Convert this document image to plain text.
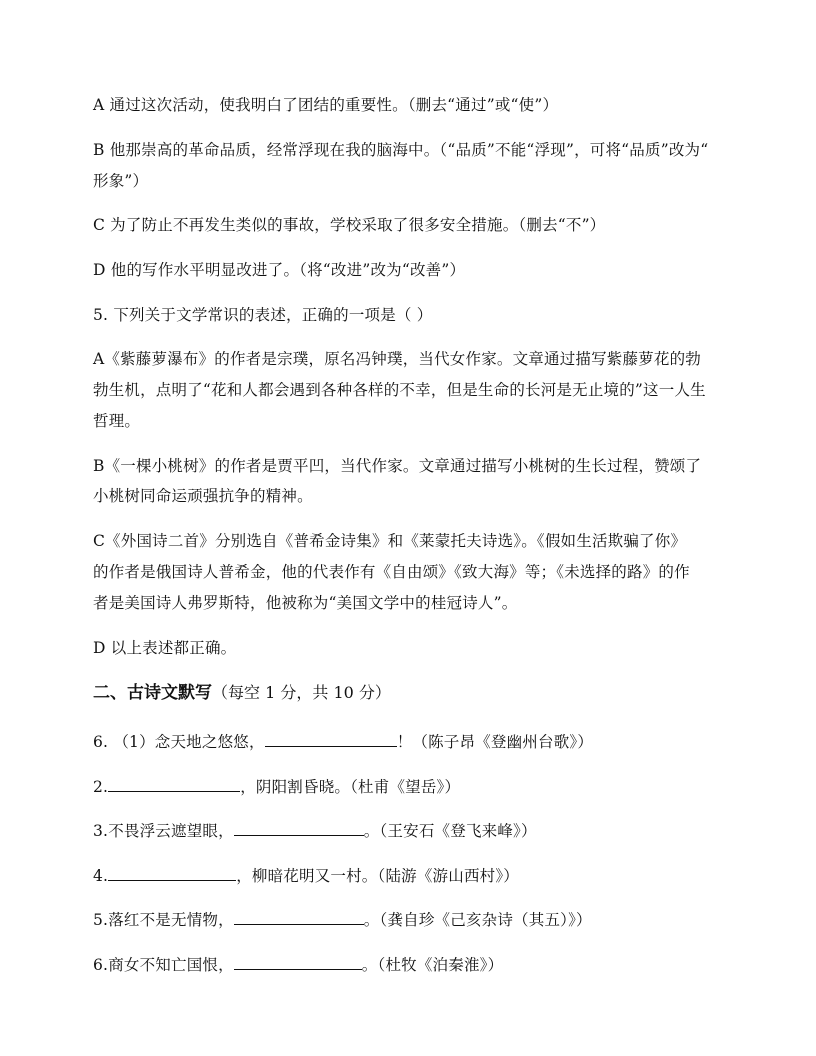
A 通过这次活动，使我明白了团结的重要性。（删去“通过”或“使”）
B 他那崇高的革命品质，经常浮现在我的脑海中。（“品质”不能“浮现”，可将“品质”改为“
形象”）
C 为了防止不再发生类似的事故，学校采取了很多安全措施。（删去“不”）
D 他的写作水平明显改进了。（将“改进”改为“改善”）
5. 下列关于文学常识的表述，正确的一项是（ ）
A《紫藤萝瀑布》的作者是宗璞，原名冯钟璞，当代女作家。文章通过描写紫藤萝花的勃
勃生机，点明了“花和人都会遇到各种各样的不幸，但是生命的长河是无止境的”这一人生
哲理。
B《一棵小桃树》的作者是贾平凹，当代作家。文章通过描写小桃树的生长过程，赞颂了
小桃树同命运顽强抗争的精神。
C《外国诗二首》分别选自《普希金诗集》和《莱蒙托夫诗选》。《假如生活欺骗了你》
的作者是俄国诗人普希金，他的代表作有《自由颂》《致大海》等；《未选择的路》的作
者是美国诗人弗罗斯特，他被称为“美国文学中的桂冠诗人”。
D 以上表述都正确。
二、古诗文默写（每空 1 分，共 10 分）
6. （1）念天地之悠悠，	！（陈子昂《登幽州台歌》）
2.	，阴阳割昏晓。（杜甫《望岳》）
3.不畏浮云遮望眼，	。（王安石《登飞来峰》）
4.	，柳暗花明又一村。（陆游《游山西村》）
5.落红不是无情物，	。（龚自珍《己亥杂诗（其五）》）
6.商女不知亡国恨，	。（杜牧《泊秦淮》）
